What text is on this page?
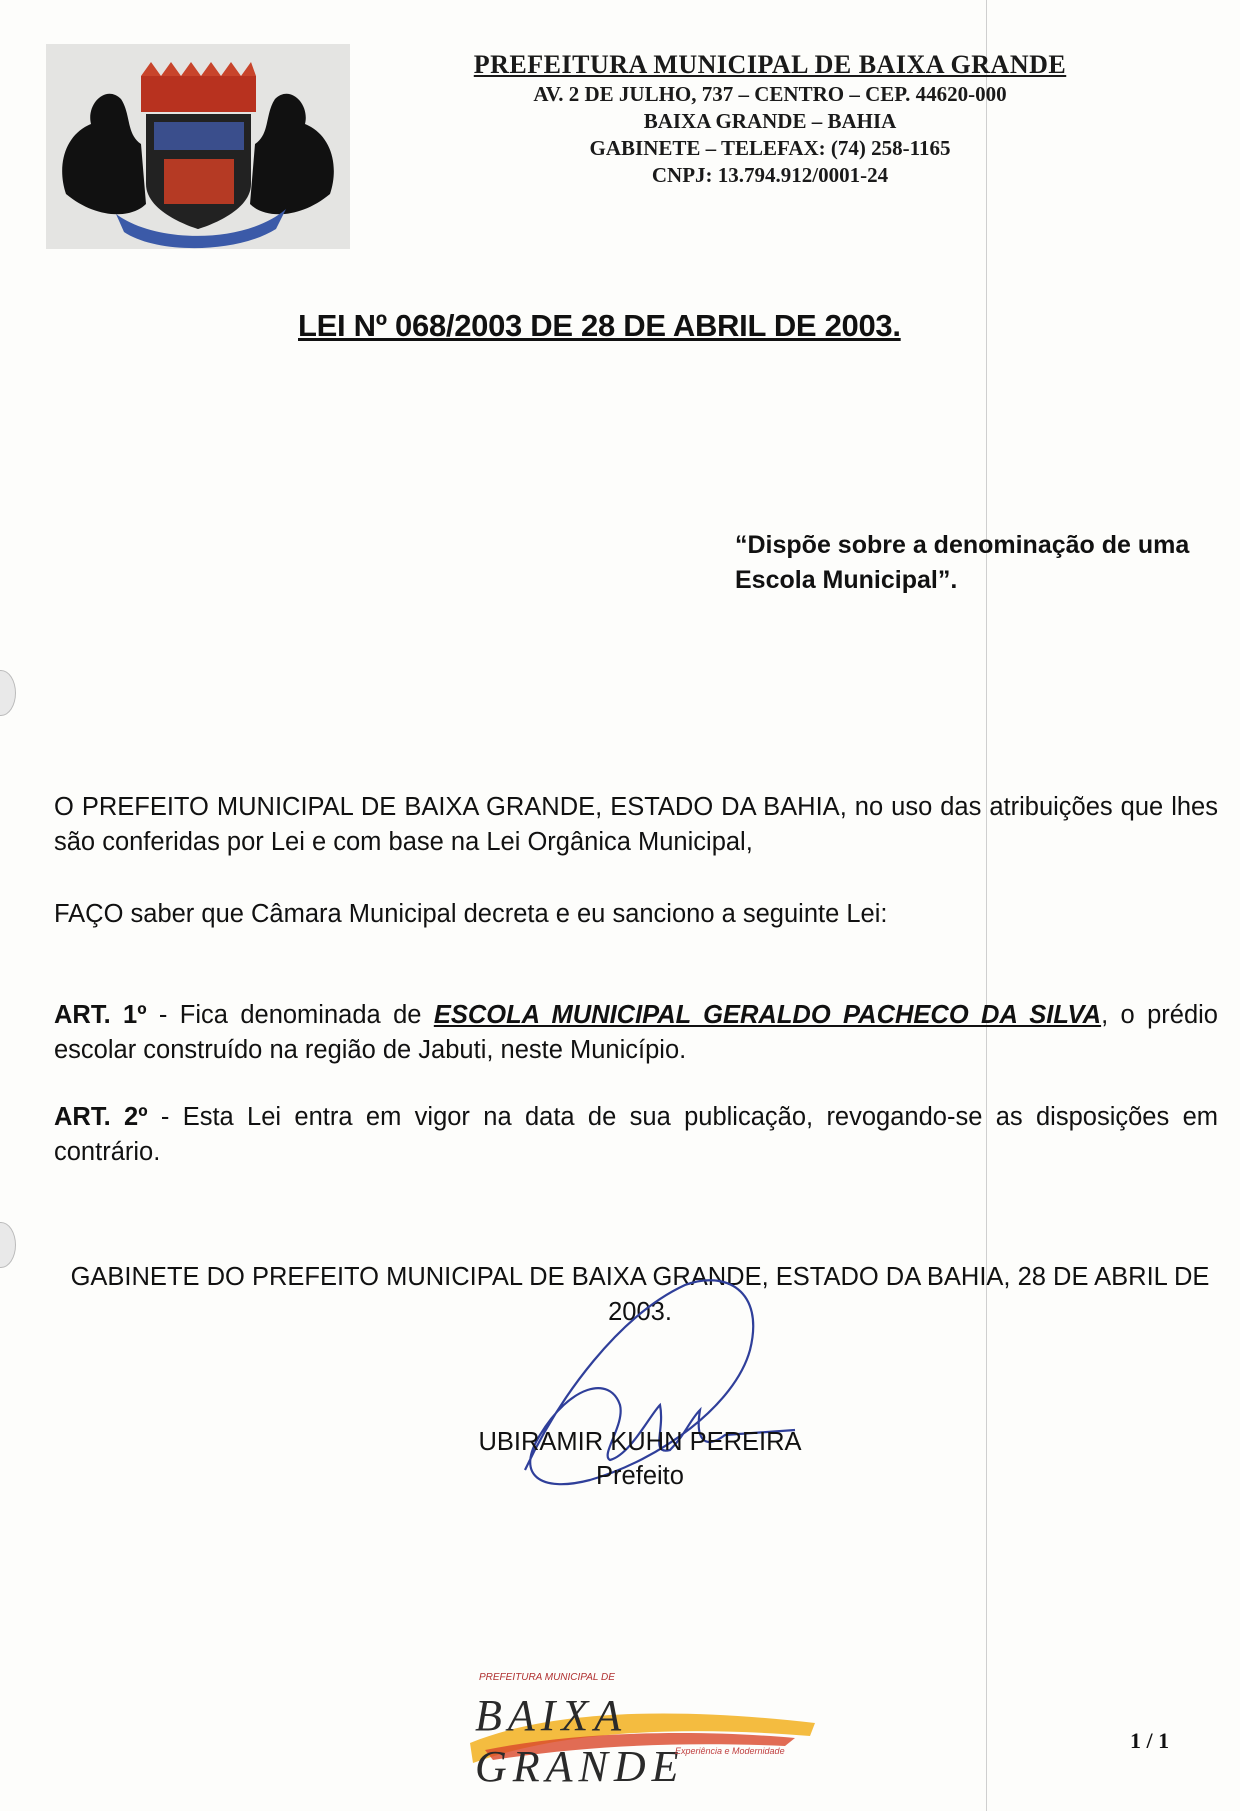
PREFEITURA MUNICIPAL DE BAIXA GRANDE
AV. 2 DE JULHO, 737 – CENTRO – CEP. 44620-000
BAIXA GRANDE – BAHIA
GABINETE – TELEFAX: (74) 258-1165
CNPJ: 13.794.912/0001-24
LEI Nº 068/2003 DE 28 DE ABRIL DE 2003.
“Dispõe sobre a denominação de uma Escola Municipal”.
O PREFEITO MUNICIPAL DE BAIXA GRANDE, ESTADO DA BAHIA, no uso das atribuições que lhes são conferidas por Lei e com base na Lei Orgânica Municipal,
FAÇO saber que Câmara Municipal decreta e eu sanciono a seguinte Lei:
ART. 1º - Fica denominada de ESCOLA MUNICIPAL GERALDO PACHECO DA SILVA, o prédio escolar construído na região de Jabuti, neste Município.
ART. 2º - Esta Lei entra em vigor na data de sua publicação, revogando-se as disposições em contrário.
GABINETE DO PREFEITO MUNICIPAL DE BAIXA GRANDE, ESTADO DA BAHIA, 28 DE ABRIL DE 2003.
UBIRAMIR KUHN PEREIRA
Prefeito
PREFEITURA MUNICIPAL DE
BAIXA GRANDE
Experiência e Modernidade	1 / 1
